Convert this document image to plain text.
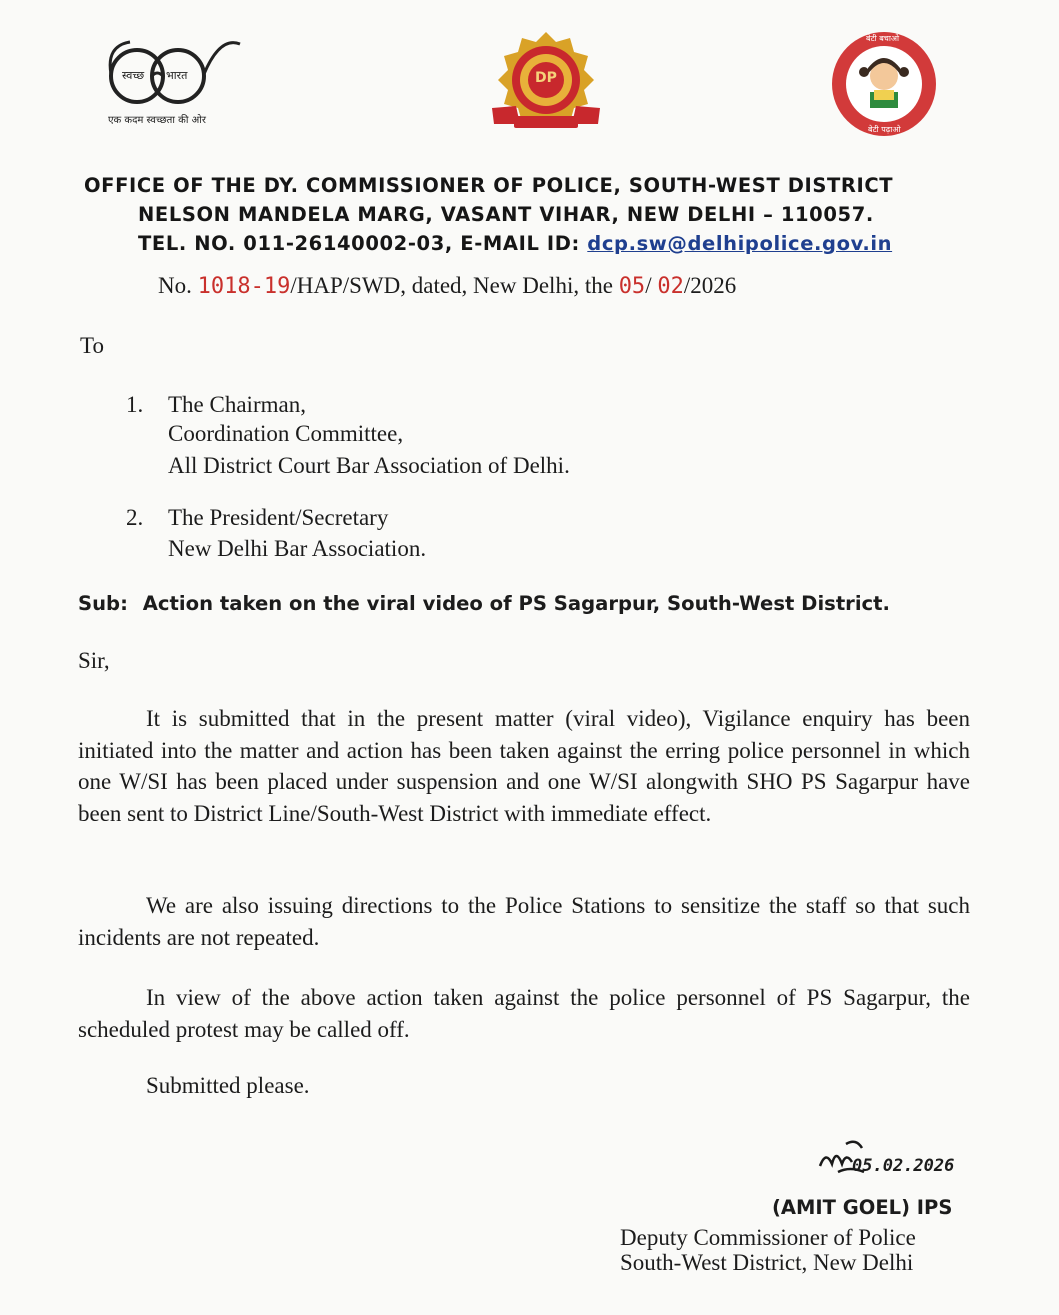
स्वच्छ भारत
एक कदम स्वच्छता की ओर
DP
बेटी बचाओ
बेटी पढ़ाओ
OFFICE OF THE DY. COMMISSIONER OF POLICE, SOUTH-WEST DISTRICT
NELSON MANDELA MARG, VASANT VIHAR, NEW DELHI – 110057.
TEL. NO. 011-26140002-03, E-MAIL ID: dcp.sw@delhipolice.gov.in
No. 1018-19/HAP/SWD, dated, New Delhi, the 05/ 02/2026
To
1. The Chairman,
Coordination Committee,
All District Court Bar Association of Delhi.
2. The President/Secretary
New Delhi Bar Association.
Sub: Action taken on the viral video of PS Sagarpur, South-West District.
Sir,
It is submitted that in the present matter (viral video), Vigilance enquiry has been initiated into the matter and action has been taken against the erring police personnel in which one W/SI has been placed under suspension and one W/SI alongwith SHO PS Sagarpur have been sent to District Line/South-West District with immediate effect.
We are also issuing directions to the Police Stations to sensitize the staff so that such incidents are not repeated.
In view of the above action taken against the police personnel of PS Sagarpur, the scheduled protest may be called off.
Submitted please.
05.02.2026
(AMIT GOEL) IPS
Deputy Commissioner of Police
South-West District, New Delhi
